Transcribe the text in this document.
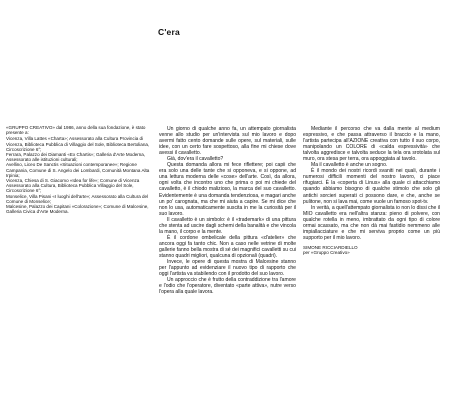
C'era

«GRUPPO CREATIVO» dal 1986, anno della sua fondazione, è stato presente a:

Vicenza, Villa Lattes «Charta»; Assessorato alla Cultura Provincia di Vicenza, Biblioteca Pubblica di Villaggio del Sole, Biblioteca Bertoliana, Circoscrizione 6°;

Ferrara, Palazzo dei Diamanti «Ex Chartis»; Galleria d'Arte Moderna, Assessorato alle istituzioni culturali;

Avellino, Liceo De Sanctis «Situazioni contemporanee»; Regione Campania, Comune di S. Angelo dei Lombardi, Comunità Montana Alta Irpinia;

Vicenza, Chiesa di S. Giacomo «Idea for life»; Comune di Vicenza Assessorato alla Cultura, Biblioteca Pubblica Villaggio del Sole, Circoscrizione 6°;

Monselice, Villa Pisani «I luoghi dell'arte»; Assessorato alla Cultura del Comune di Monselice;

Malcesine, Palazzo dei Capitani «Colorazione»; Comune di Malcesine, Galleria Civica d'Arte Moderna.

Un giorno di qualche anno fa, un attempato giornalista venne allo studio per un'intervista sul mio lavoro e dopo avermi fatto cento domande sulle opere, sul materiali, sulle idee, con un certo fare sospettoso, alla fine mi chiese dove avessi il cavalletto.

Già, dov'era il cavalletto?

Questa domanda allora mi fece riflettere; poi capii che era solo una delle tante che si opponeva, e si oppone, ad una lettura moderna delle «cose» dell'arte. Così, da allora, ogni volta che incontro uno che prima o poi mi chiede del cavalletto, è il chiodo malizioso, la marca del suo cavalletto. Evidentemente è una domanda tendenziosa, e magari anche un po' carognata, ma che mi aiuta a capire. Se mi dice che non lo usa, automaticamente suscita in me la curiosità per il suo lavoro.

Il cavalletto è un simbolo: è il «trademark» di una pittura che stenta ad uscire dagli schemi della banalità e che vincola la mano, il corpo e la mente.

È il cordone ombelicale della pittura «d'atelier» che ancora oggi fa tanto chic. Non a caso nelle vetrine di molte gallerie fanno bella mostra di sé dei magnifici cavalletti su cui stanno quadri migliori, qualcuna di opzionali (quadri).

Invece, le opere di questa mostra di Malcesine stanno per l'appunto ad evidenziare il nuovo tipo di rapporto che oggi l'artista va stabilendo con il prodotto del suo lavoro.

Un approccio che è frutto della contraddizione tra l'amore e l'odio che l'operatore, diventato «parte attiva», nutre verso l'opera alla quale lavora.

Mediante il percorso che va dalla mente al medium espressivo, e che passa attraverso il braccio e la mano, l'artista partecipa all'AZIONE creativa con tutto il suo corpo, manipolando un COLORE di «calda espressività» che talvolta aggredisce e talvolta seduce la tela ora srotolata sul muro, ora stesa per terra, ora appoggiata al tavolo.

Ma il cavalletto è anche un sogno.

È il mondo dei nostri ricordi svaniti nei quali, durante i numerosi difficili momenti del nostro lavoro, ci piace rifugiarci. È la «coperta di Linus» alla quale ci attacchiamo quando abbiamo bisogno di qualche stimolo che solo gli antichi sorcieri superati ci possono dare, e che, anche se pulitone, non si lava mai, come vuole un famoso spot-tv.

In verità, a quell'attempato giornalista io non lo dissi che il MIO cavalletto era nell'altra stanza: pieno di polvere, con qualche rotella in meno, imbrattato da ogni tipo di colore ormai scassato, ma che non dà mai fastidio nemmeno alle impiallacciature e che mi serviva proprio come un più supporto per il mio lavoro.

SIMONE RICCIARDIELLO
per «Gruppo Creativo»
